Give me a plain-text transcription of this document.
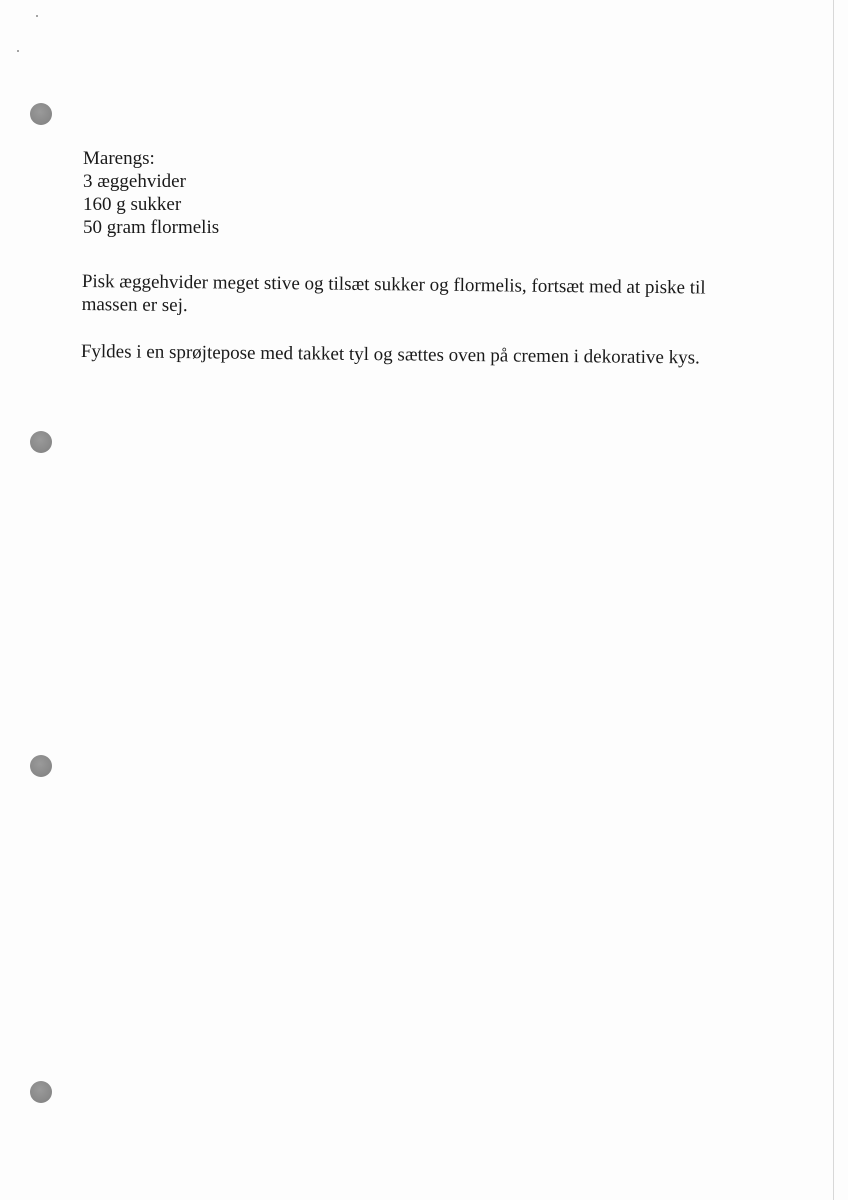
Marengs:
3 æggehvider
160 g sukker
50 gram flormelis
Pisk æggehvider meget stive og tilsæt sukker og flormelis, fortsæt med at piske til
massen er sej.
Fyldes i en sprøjtepose med takket tyl og sættes oven på cremen i dekorative kys.
